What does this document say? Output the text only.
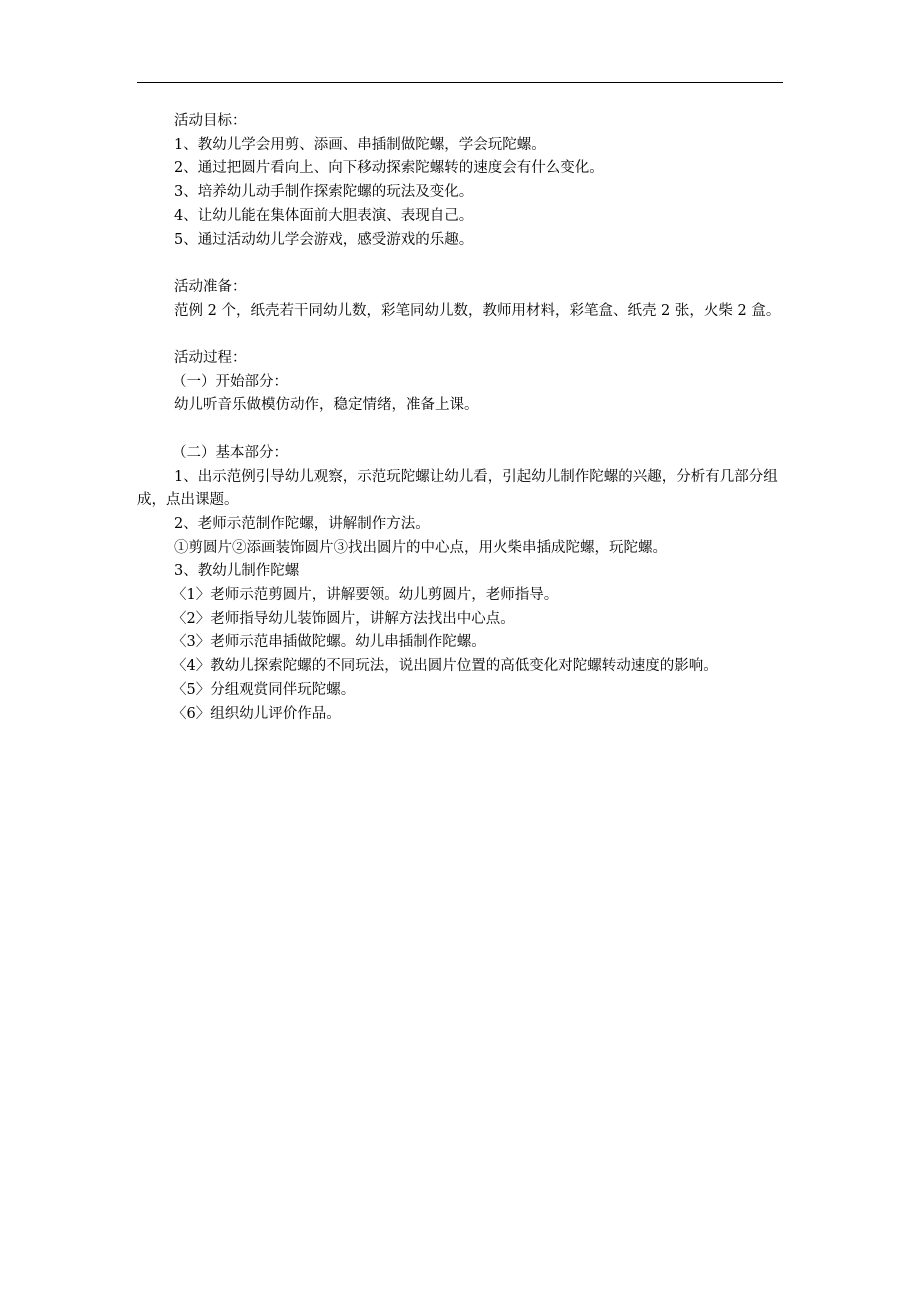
活动目标：

1、教幼儿学会用剪、添画、串插制做陀螺，学会玩陀螺。

2、通过把圆片看向上、向下移动探索陀螺转的速度会有什么变化。

3、培养幼儿动手制作探索陀螺的玩法及变化。

4、让幼儿能在集体面前大胆表演、表现自己。

5、通过活动幼儿学会游戏，感受游戏的乐趣。

活动准备：

范例 2 个，纸壳若干同幼儿数，彩笔同幼儿数，教师用材料，彩笔盒、纸壳 2 张，火柴 2 盒。

活动过程：

（一）开始部分：

幼儿听音乐做模仿动作，稳定情绪，准备上课。

（二）基本部分：

1、出示范例引导幼儿观察，示范玩陀螺让幼儿看，引起幼儿制作陀螺的兴趣，分析有几部分组成，点出课题。

2、老师示范制作陀螺，讲解制作方法。

①剪圆片②添画装饰圆片③找出圆片的中心点，用火柴串插成陀螺，玩陀螺。

3、教幼儿制作陀螺

〈1〉老师示范剪圆片，讲解要领。幼儿剪圆片，老师指导。

〈2〉老师指导幼儿装饰圆片，讲解方法找出中心点。

〈3〉老师示范串插做陀螺。幼儿串插制作陀螺。

〈4〉教幼儿探索陀螺的不同玩法，说出圆片位置的高低变化对陀螺转动速度的影响。

〈5〉分组观赏同伴玩陀螺。

〈6〉组织幼儿评价作品。
